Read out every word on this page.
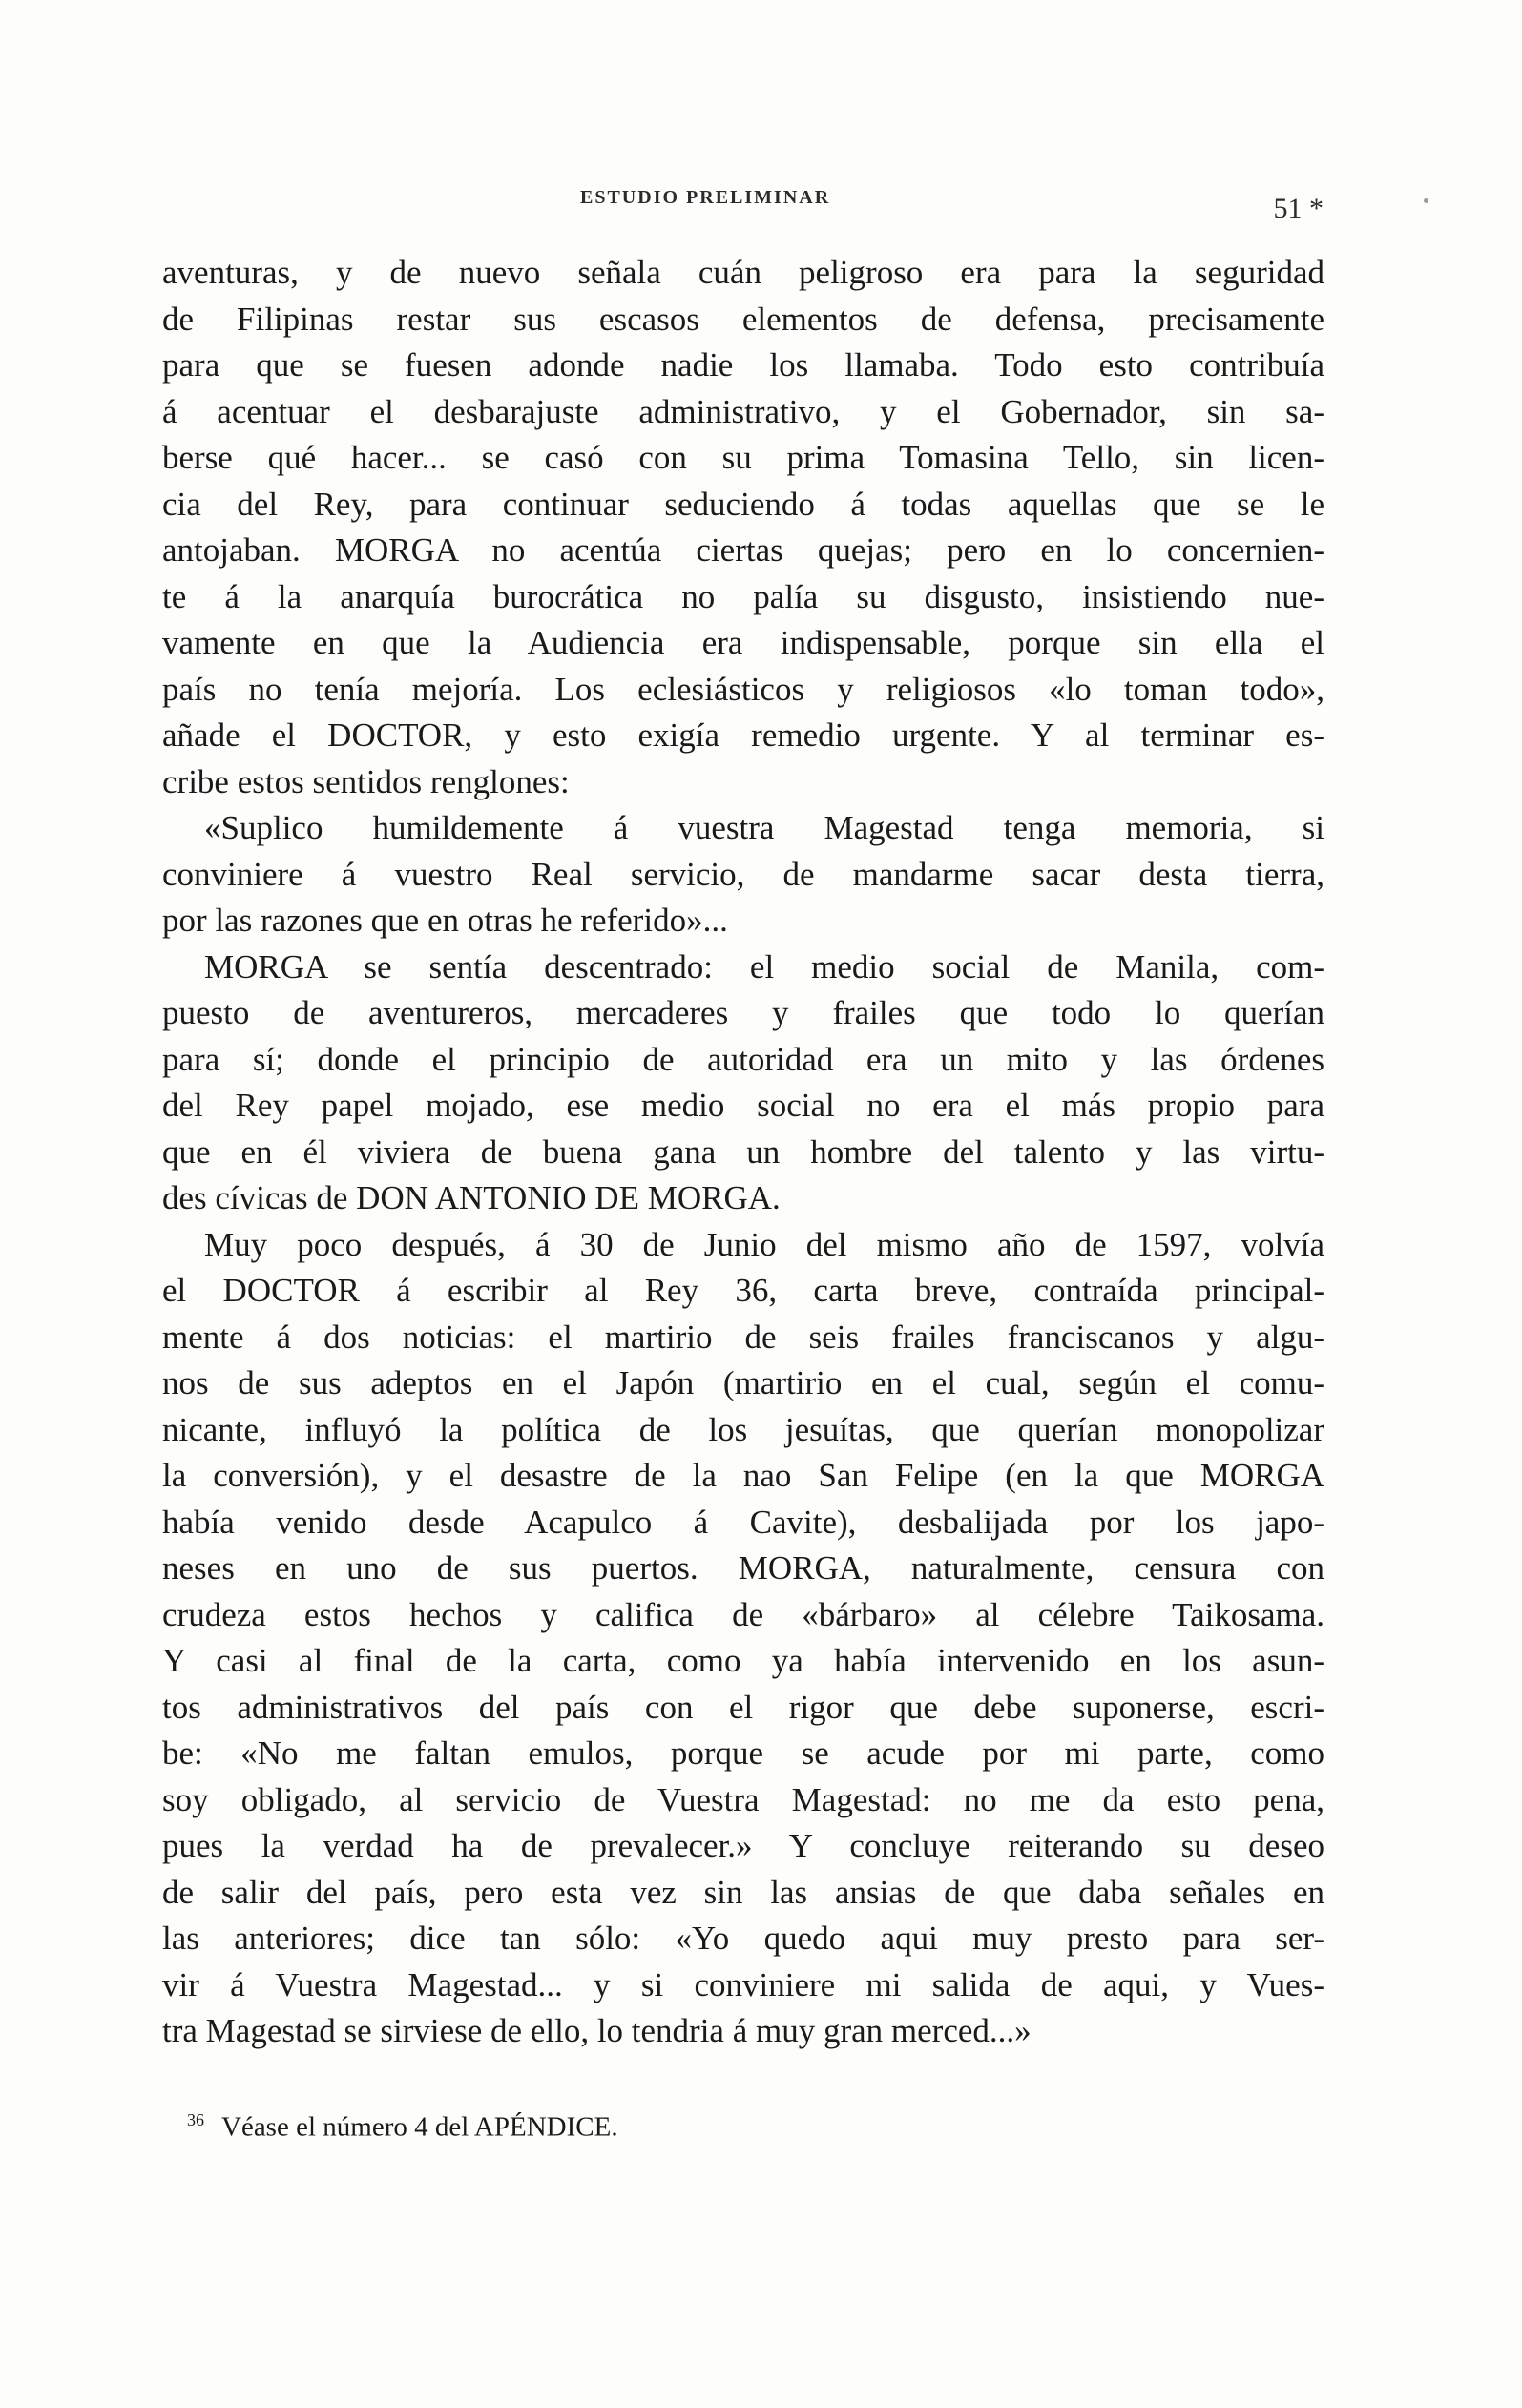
ESTUDIO PRELIMINAR	51 *
aventuras, y de nuevo señala cuán peligroso era para la seguridad
de Filipinas restar sus escasos elementos de defensa, precisamente
para que se fuesen adonde nadie los llamaba. Todo esto contribuía
á acentuar el desbarajuste administrativo, y el Gobernador, sin sa-
berse qué hacer... se casó con su prima Tomasina Tello, sin licen-
cia del Rey, para continuar seduciendo á todas aquellas que se le
antojaban. MORGA no acentúa ciertas quejas; pero en lo concernien-
te á la anarquía burocrática no palía su disgusto, insistiendo nue-
vamente en que la Audiencia era indispensable, porque sin ella el
país no tenía mejoría. Los eclesiásticos y religiosos «lo toman todo»,
añade el DOCTOR, y esto exigía remedio urgente. Y al terminar es-
cribe estos sentidos renglones:
«Suplico humildemente á vuestra Magestad tenga memoria, si
conviniere á vuestro Real servicio, de mandarme sacar desta tierra,
por las razones que en otras he referido»...
MORGA se sentía descentrado: el medio social de Manila, com-
puesto de aventureros, mercaderes y frailes que todo lo querían
para sí; donde el principio de autoridad era un mito y las órdenes
del Rey papel mojado, ese medio social no era el más propio para
que en él viviera de buena gana un hombre del talento y las virtu-
des cívicas de DON ANTONIO DE MORGA.
Muy poco después, á 30 de Junio del mismo año de 1597, volvía
el DOCTOR á escribir al Rey 36, carta breve, contraída principal-
mente á dos noticias: el martirio de seis frailes franciscanos y algu-
nos de sus adeptos en el Japón (martirio en el cual, según el comu-
nicante, influyó la política de los jesuítas, que querían monopolizar
la conversión), y el desastre de la nao San Felipe (en la que MORGA
había venido desde Acapulco á Cavite), desbalijada por los japo-
neses en uno de sus puertos. MORGA, naturalmente, censura con
crudeza estos hechos y califica de «bárbaro» al célebre Taikosama.
Y casi al final de la carta, como ya había intervenido en los asun-
tos administrativos del país con el rigor que debe suponerse, escri-
be: «No me faltan emulos, porque se acude por mi parte, como
soy obligado, al servicio de Vuestra Magestad: no me da esto pena,
pues la verdad ha de prevalecer.» Y concluye reiterando su deseo
de salir del país, pero esta vez sin las ansias de que daba señales en
las anteriores; dice tan sólo: «Yo quedo aqui muy presto para ser-
vir á Vuestra Magestad... y si conviniere mi salida de aqui, y Vues-
tra Magestad se sirviese de ello, lo tendria á muy gran merced...»
$^{36}$ Véase el número 4 del APÉNDICE.
